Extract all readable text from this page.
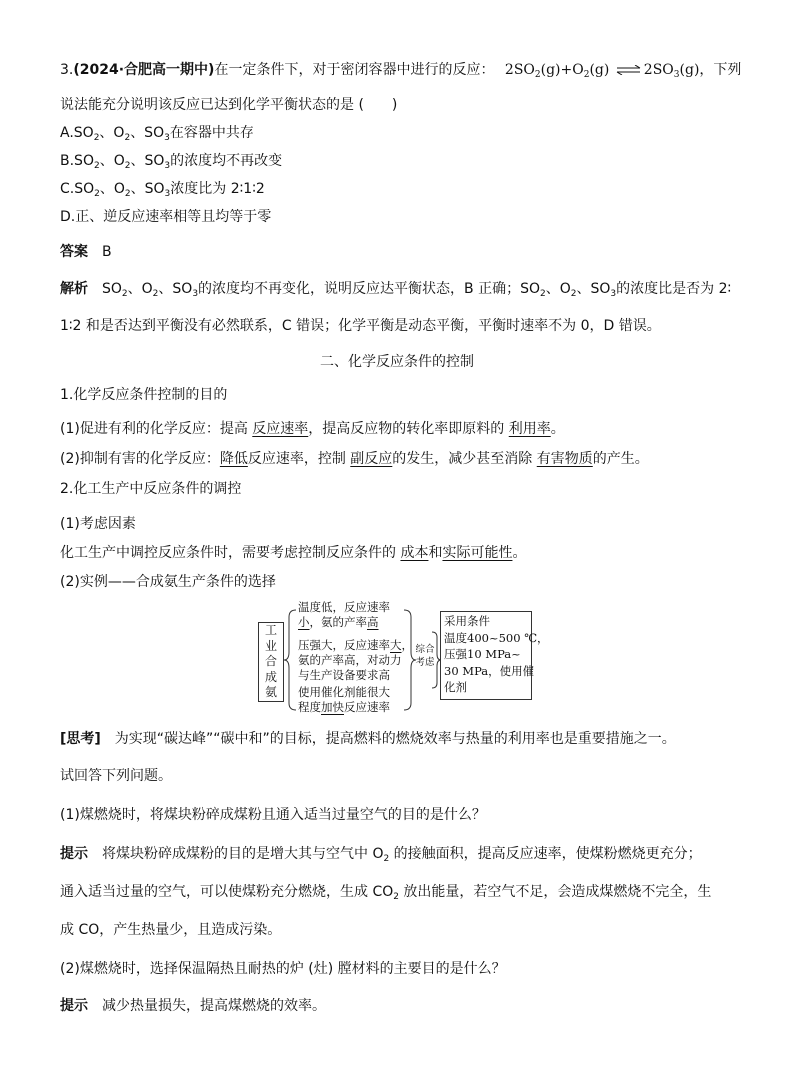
3.(2024·合肥高一期中)在一定条件下，对于密闭容器中进行的反应： $2SO_2(g)+O_2(g)$ ⇌ $2SO_3(g)$，下列
说法能充分说明该反应已达到化学平衡状态的是 (　　)
$A.SO_2$、$O_2$、$SO_3$在容器中共存
$B.SO_2$、$O_2$、$SO_3$的浓度均不再改变
$C.SO_2$、$O_2$、$SO_3$浓度比为 2∶1∶2
D.正、逆反应速率相等且均等于零
答案 B
解析 $SO_2$、$O_2$、$SO_3$的浓度均不再变化，说明反应达平衡状态，B 正确；$SO_2$、$O_2$、$SO_3$的浓度比是否为 2∶
1∶2 和是否达到平衡没有必然联系，C 错误；化学平衡是动态平衡，平衡时速率不为 0，D 错误。
二、化学反应条件的控制
1.化学反应条件控制的目的
(1)促进有利的化学反应：提高 反应速率，提高反应物的转化率即原料的 利用率。
(2)抑制有害的化学反应：降低反应速率，控制 副反应的发生，减少甚至消除 有害物质的产生。
2.化工生产中反应条件的调控
(1)考虑因素
化工生产中调控反应条件时，需要考虑控制反应条件的 成本和实际可能性。
(2)实例——合成氨生产条件的选择
工
业
合
成
氨
温度低，反应速率
小，氨的产率高
压强大，反应速率大，
氨的产率高，对动力
与生产设备要求高
使用催化剂能很大
程度加快反应速率
综合
考虑
采用条件
温度400~500 ℃，
压强10 MPa~
30 MPa，使用催
化剂
[思考] 为实现“碳达峰”“碳中和”的目标，提高燃料的燃烧效率与热量的利用率也是重要措施之一。
试回答下列问题。
(1)煤燃烧时，将煤块粉碎成煤粉且通入适当过量空气的目的是什么？
提示 将煤块粉碎成煤粉的目的是增大其与空气中 $O_2$ 的接触面积，提高反应速率，使煤粉燃烧更充分；
通入适当过量的空气，可以使煤粉充分燃烧，生成 $CO_2$ 放出能量，若空气不足，会造成煤燃烧不完全，生
成 CO，产生热量少，且造成污染。
(2)煤燃烧时，选择保温隔热且耐热的炉 (灶) 膛材料的主要目的是什么？
提示 减少热量损失，提高煤燃烧的效率。
